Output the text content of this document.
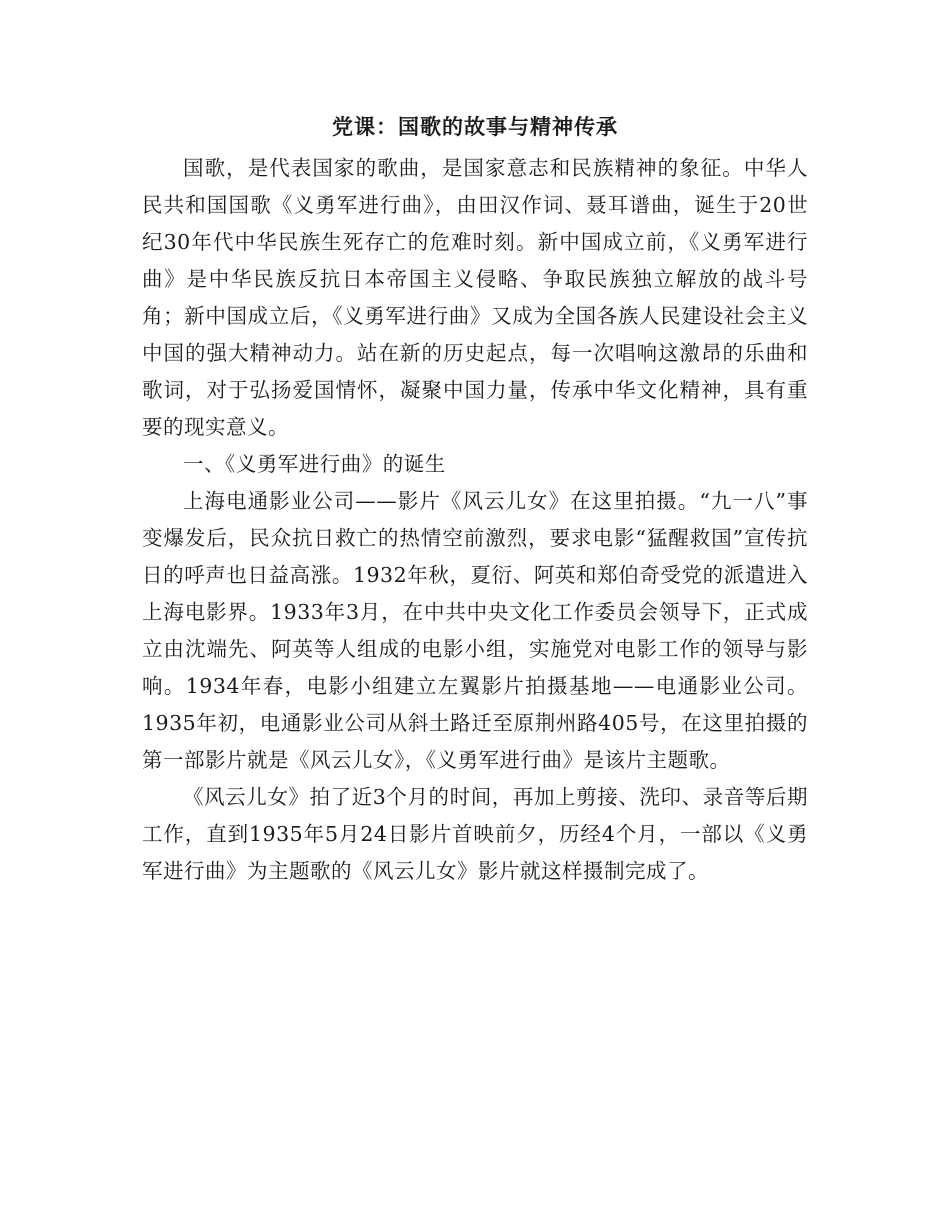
党课：国歌的故事与精神传承

国歌，是代表国家的歌曲，是国家意志和民族精神的象征。中华人民共和国国歌《义勇军进行曲》，由田汉作词、聂耳谱曲，诞生于20世纪30年代中华民族生死存亡的危难时刻。新中国成立前，《义勇军进行曲》是中华民族反抗日本帝国主义侵略、争取民族独立解放的战斗号角；新中国成立后，《义勇军进行曲》又成为全国各族人民建设社会主义中国的强大精神动力。站在新的历史起点，每一次唱响这激昂的乐曲和歌词，对于弘扬爱国情怀，凝聚中国力量，传承中华文化精神，具有重要的现实意义。

一、《义勇军进行曲》的诞生

上海电通影业公司——影片《风云儿女》在这里拍摄。“九一八”事变爆发后，民众抗日救亡的热情空前激烈，要求电影“猛醒救国”宣传抗日的呼声也日益高涨。1932年秋，夏衍、阿英和郑伯奇受党的派遣进入上海电影界。1933年3月，在中共中央文化工作委员会领导下，正式成立由沈端先、阿英等人组成的电影小组，实施党对电影工作的领导与影响。1934年春，电影小组建立左翼影片拍摄基地——电通影业公司。1935年初，电通影业公司从斜土路迁至原荆州路405号，在这里拍摄的第一部影片就是《风云儿女》，《义勇军进行曲》是该片主题歌。

《风云儿女》拍了近3个月的时间，再加上剪接、洗印、录音等后期工作，直到1935年5月24日影片首映前夕，历经4个月，一部以《义勇军进行曲》为主题歌的《风云儿女》影片就这样摄制完成了。
